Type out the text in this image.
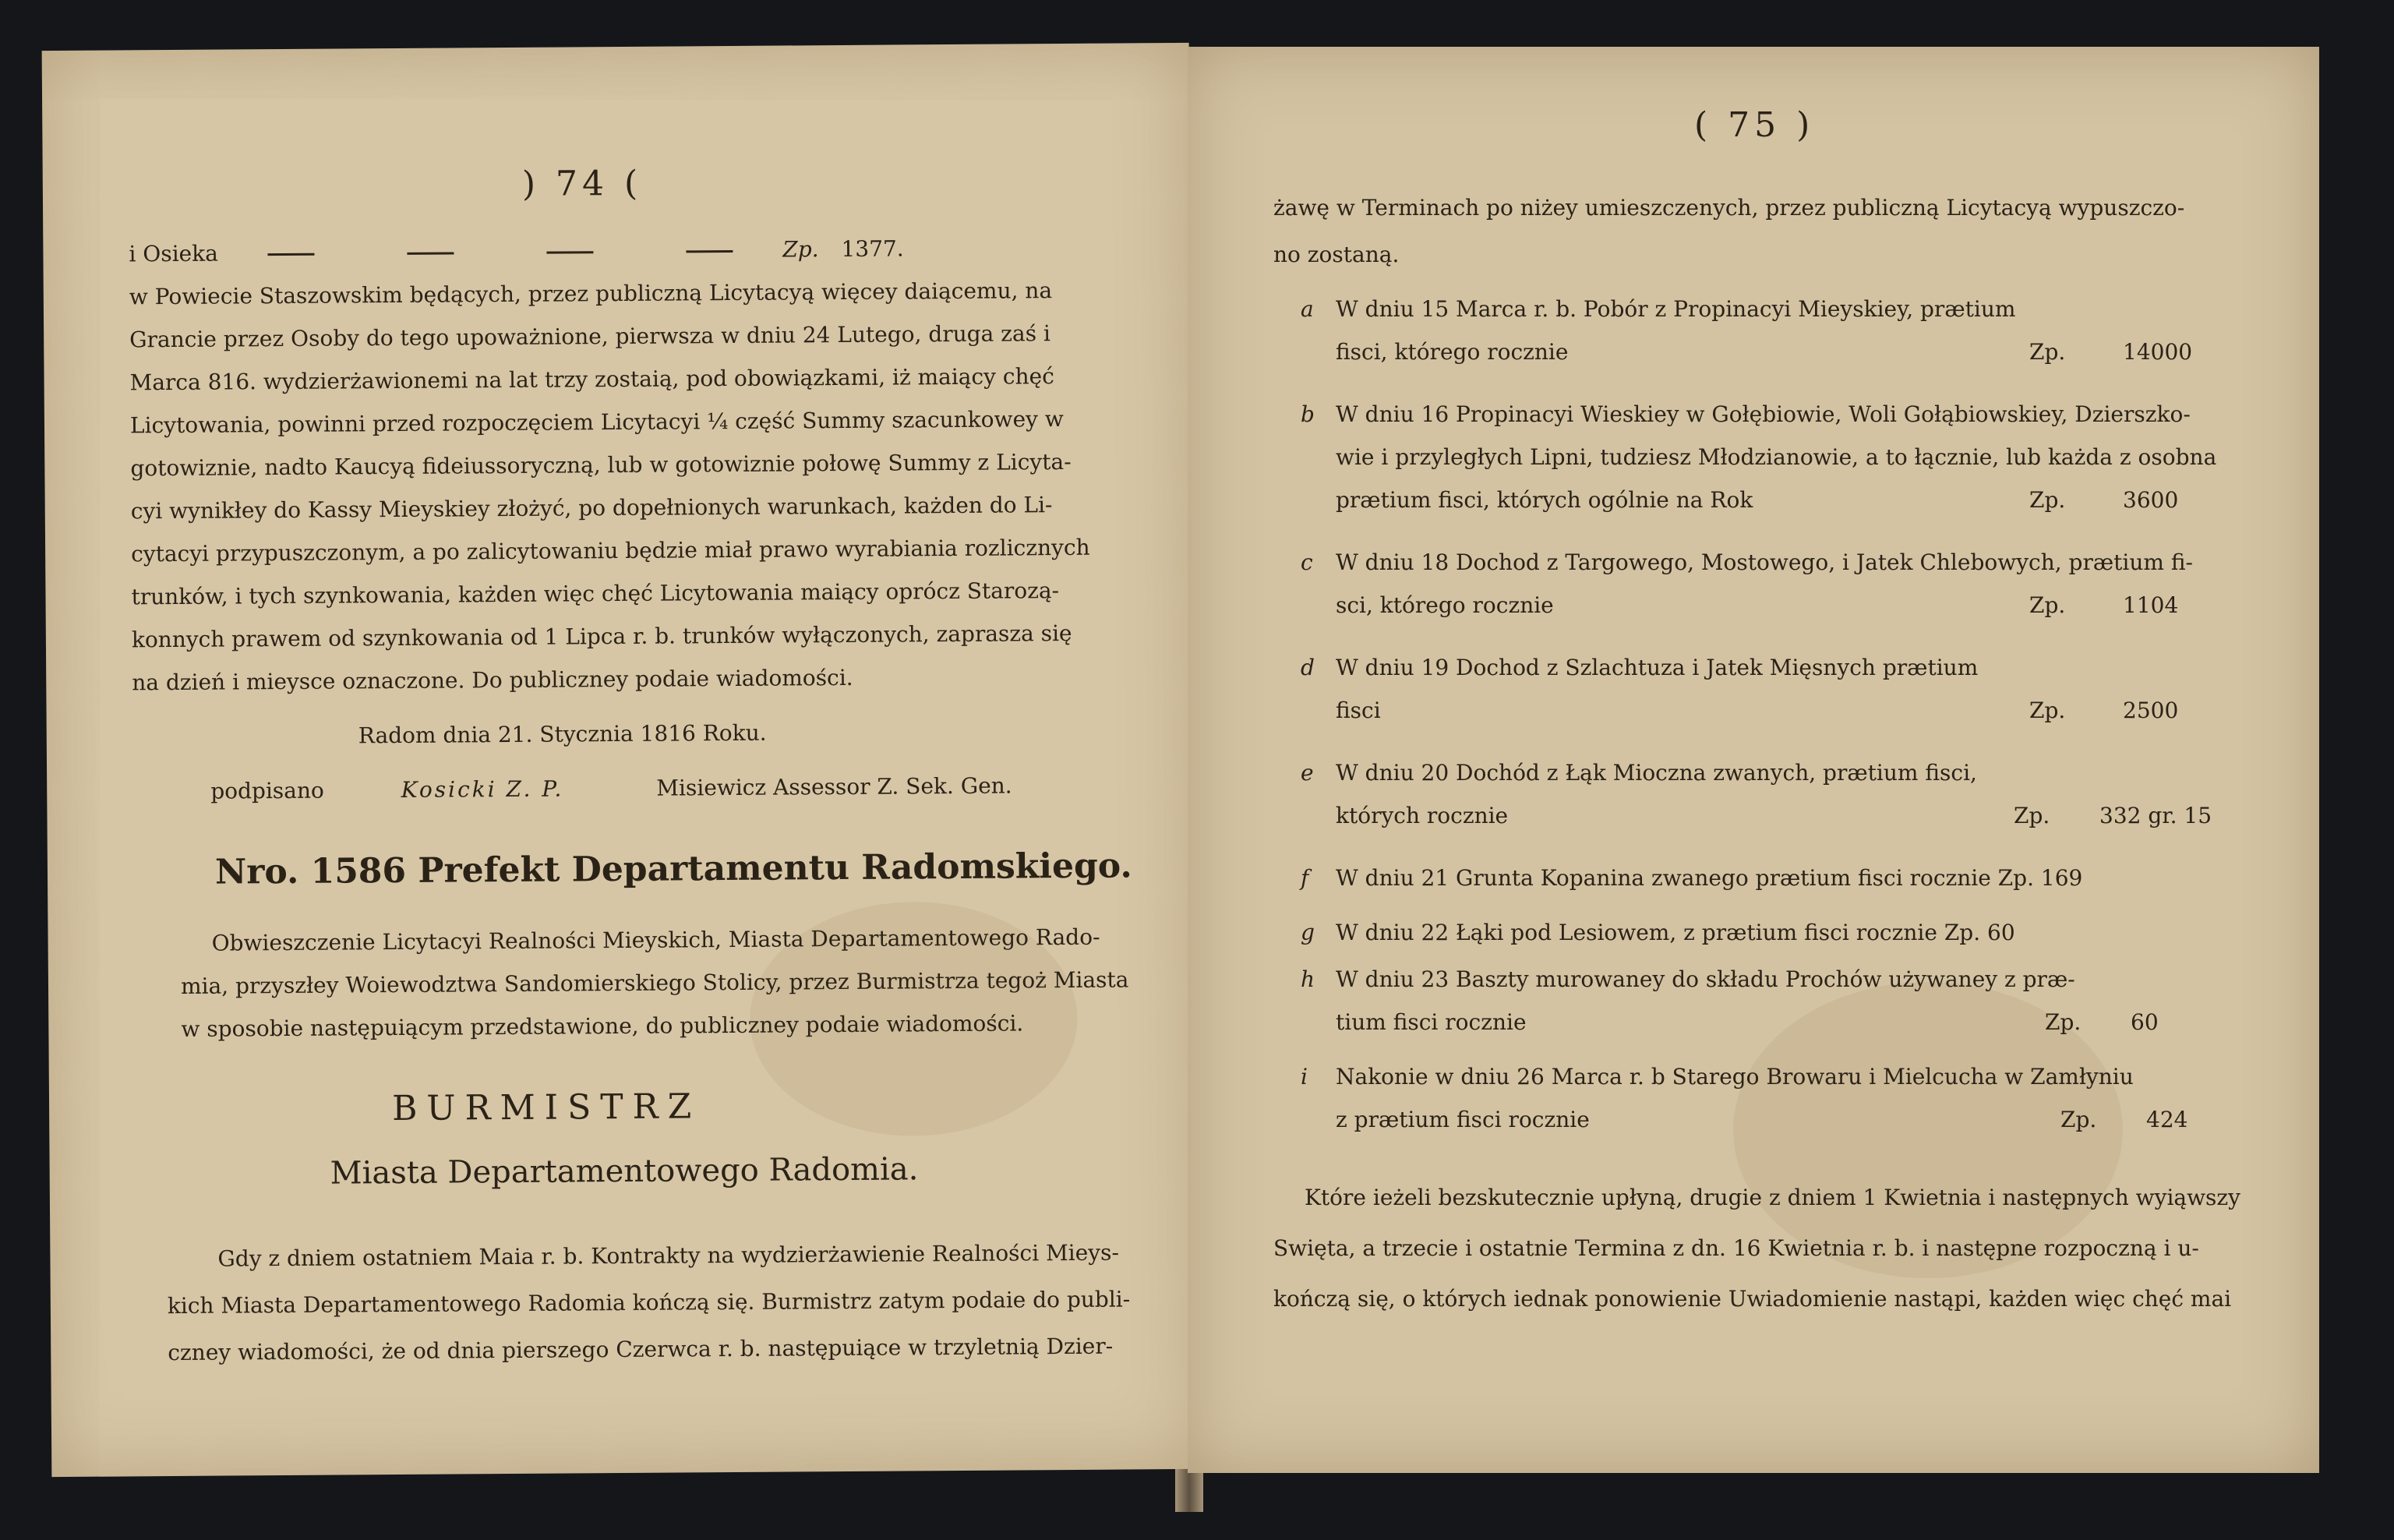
) 74 (
i Osieka	Zp. 1377.
w Powiecie Staszowskim będących, przez publiczną Licytacyą więcey daiącemu, na
Grancie przez Osoby do tego upoważnione, pierwsza w dniu 24 Lutego, druga zaś i
Marca 816. wydzierżawionemi na lat trzy zostaią, pod obowiązkami, iż maiący chęć
Licytowania, powinni przed rozpoczęciem Licytacyi ¼ część Summy szacunkowey w
gotowiznie, nadto Kaucyą fideiussoryczną, lub w gotowiznie połowę Summy z Licyta-
cyi wynikłey do Kassy Mieyskiey złożyć, po dopełnionych warunkach, każden do Li-
cytacyi przypuszczonym, a po zalicytowaniu będzie miał prawo wyrabiania rozlicznych
trunków, i tych szynkowania, każden więc chęć Licytowania maiący oprócz Starozą-
konnych prawem od szynkowania od 1 Lipca r. b. trunków wyłączonych, zaprasza się
na dzień i mieysce oznaczone. Do publiczney podaie wiadomości.
Radom dnia 21. Stycznia 1816 Roku.
podpisano	Kosicki Z. P.	Misiewicz Assessor Z. Sek. Gen.
Nro. 1586 Prefekt Departamentu Radomskiego.
Obwieszczenie Licytacyi Realności Mieyskich, Miasta Departamentowego Rado-
mia, przyszłey Woiewodztwa Sandomierskiego Stolicy, przez Burmistrza tegoż Miasta
w sposobie następuiącym przedstawione, do publiczney podaie wiadomości.
BURMISTRZ
Miasta Departamentowego Radomia.
Gdy z dniem ostatniem Maia r. b. Kontrakty na wydzierżawienie Realności Mieys-
kich Miasta Departamentowego Radomia kończą się. Burmistrz zatym podaie do publi-
czney wiadomości, że od dnia pierszego Czerwca r. b. następuiące w trzyletnią Dzier-
( 75 )
żawę w Terminach po niżey umieszczenych, przez publiczną Licytacyą wypuszczo-
no zostaną.
a W dniu 15 Marca r. b. Pobór z Propinacyi Mieyskiey, prætium
fisci, którego rocznie	Zp.	14000
b W dniu 16 Propinacyi Wieskiey w Gołębiowie, Woli Gołąbiowskiey, Dzierszko-
wie i przyległych Lipni, tudziesz Młodzianowie, a to łącznie, lub każda z osobna
prætium fisci, których ogólnie na Rok	Zp.	3600
c W dniu 18 Dochod z Targowego, Mostowego, i Jatek Chlebowych, prætium fi-
sci, którego rocznie	Zp.	1104
d W dniu 19 Dochod z Szlachtuza i Jatek Mięsnych prætium
fisci	Zp.	2500
e W dniu 20 Dochód z Łąk Mioczna zwanych, prætium fisci,
których rocznie	Zp. 332 gr. 15
f W dniu 21 Grunta Kopanina zwanego prætium fisci rocznie Zp. 169
g W dniu 22 Łąki pod Lesiowem, z prætium fisci rocznie Zp. 60
h W dniu 23 Baszty murowaney do składu Prochów używaney z præ-
tium fisci rocznie	Zp. 60
i Nakonie w dniu 26 Marca r. b Starego Browaru i Mielcucha w Zamłyniu
z prætium fisci rocznie	Zp. 424
Które ieżeli bezskutecznie upłyną, drugie z dniem 1 Kwietnia i następnych wyiąwszy
Swięta, a trzecie i ostatnie Termina z dn. 16 Kwietnia r. b. i następne rozpoczną i u-
kończą się, o których iednak ponowienie Uwiadomienie nastąpi, każden więc chęć mai
